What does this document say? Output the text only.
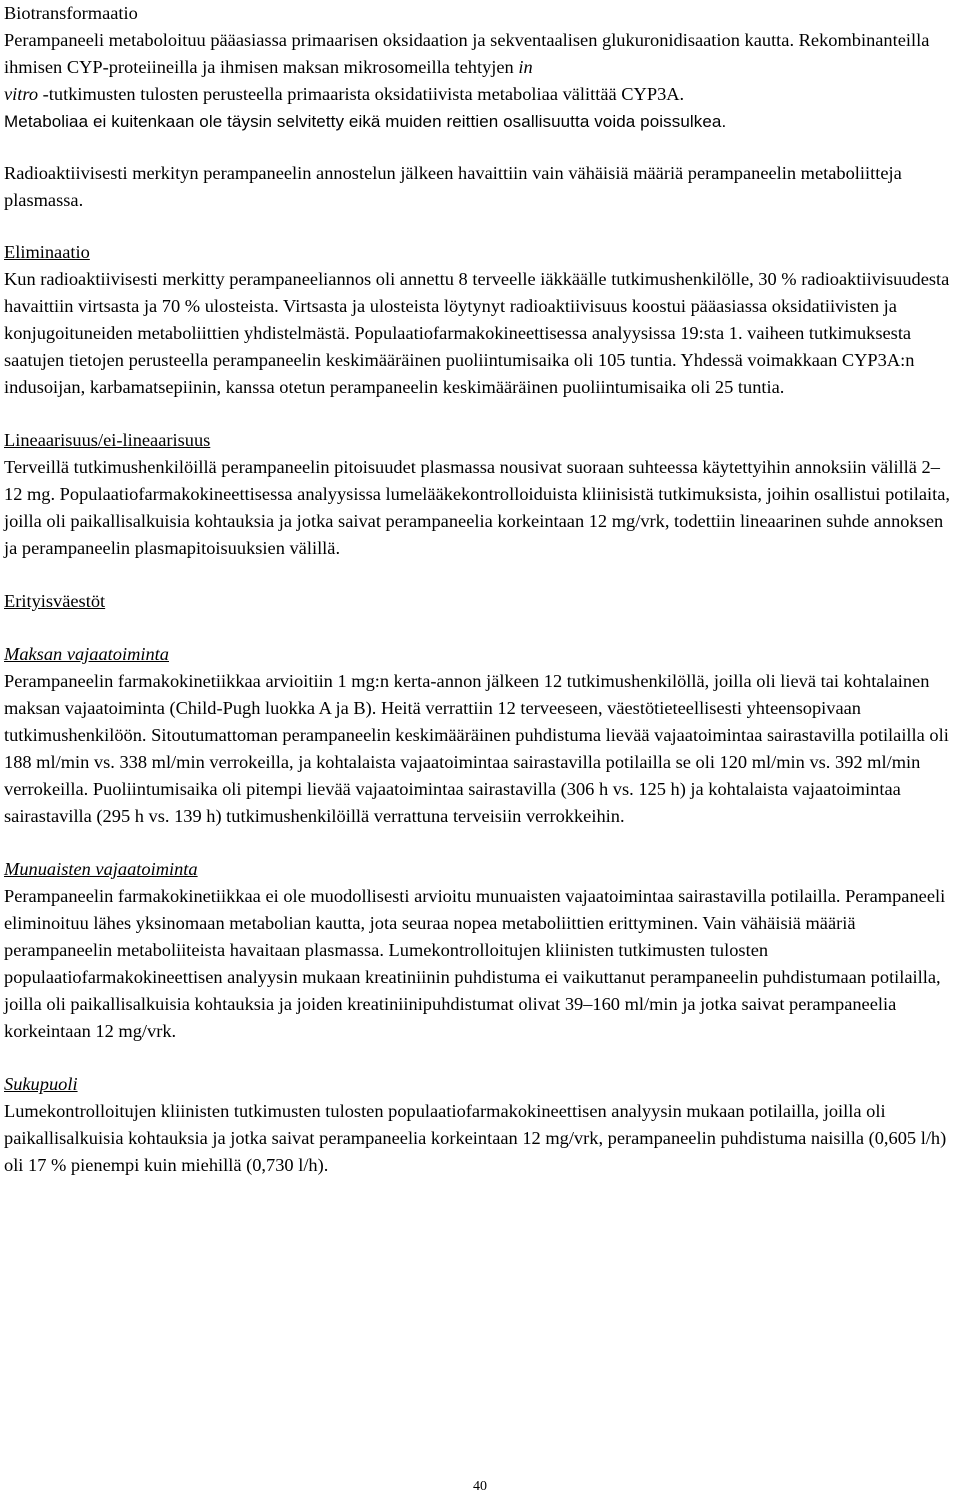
Biotransformaatio

Perampaneeli metaboloituu pääasiassa primaarisen oksidaation ja sekventaalisen glukuronidisaation kautta. Rekombinanteilla ihmisen CYP-proteiineilla ja ihmisen maksan mikrosomeilla tehtyjen in
vitro -tutkimusten tulosten perusteella primaarista oksidatiivista metaboliaa välittää CYP3A.
Metaboliaa ei kuitenkaan ole täysin selvitetty eikä muiden reittien osallisuutta voida poissulkea.

Radioaktiivisesti merkityn perampaneelin annostelun jälkeen havaittiin vain vähäisiä määriä perampaneelin metaboliitteja plasmassa.

Eliminaatio

Kun radioaktiivisesti merkitty perampaneeliannos oli annettu 8 terveelle iäkkäälle tutkimushenkilölle, 30 % radioaktiivisuudesta havaittiin virtsasta ja 70 % ulosteista. Virtsasta ja ulosteista löytynyt radioaktiivisuus koostui pääasiassa oksidatiivisten ja konjugoituneiden metaboliittien yhdistelmästä. Populaatiofarmakokineettisessa analyysissa 19:sta 1. vaiheen tutkimuksesta saatujen tietojen perusteella perampaneelin keskimääräinen puoliintumisaika oli 105 tuntia. Yhdessä voimakkaan CYP3A:n indusoijan, karbamatsepiinin, kanssa otetun perampaneelin keskimääräinen puoliintumisaika oli 25 tuntia.

Lineaarisuus/ei-lineaarisuus

Terveillä tutkimushenkilöillä perampaneelin pitoisuudet plasmassa nousivat suoraan suhteessa käytettyihin annoksiin välillä 2–12 mg. Populaatiofarmakokineettisessa analyysissa lumelääkekontrolloiduista kliinisistä tutkimuksista, joihin osallistui potilaita, joilla oli paikallisalkuisia kohtauksia ja jotka saivat perampaneelia korkeintaan 12 mg/vrk, todettiin lineaarinen suhde annoksen ja perampaneelin plasmapitoisuuksien välillä.

Erityisväestöt
Maksan vajaatoiminta

Perampaneelin farmakokinetiikkaa arvioitiin 1 mg:n kerta-annon jälkeen 12 tutkimushenkilöllä, joilla oli lievä tai kohtalainen maksan vajaatoiminta (Child-Pugh luokka A ja B). Heitä verrattiin 12 terveeseen, väestötieteellisesti yhteensopivaan tutkimushenkilöön. Sitoutumattoman perampaneelin keskimääräinen puhdistuma lievää vajaatoimintaa sairastavilla potilailla oli 188 ml/min vs. 338 ml/min verrokeilla, ja kohtalaista vajaatoimintaa sairastavilla potilailla se oli 120 ml/min vs. 392 ml/min verrokeilla. Puoliintumisaika oli pitempi lievää vajaatoimintaa sairastavilla (306 h vs. 125 h) ja kohtalaista vajaatoimintaa sairastavilla (295 h vs. 139 h) tutkimushenkilöillä verrattuna terveisiin verrokkeihin.

Munuaisten vajaatoiminta

Perampaneelin farmakokinetiikkaa ei ole muodollisesti arvioitu munuaisten vajaatoimintaa sairastavilla potilailla. Perampaneeli eliminoituu lähes yksinomaan metabolian kautta, jota seuraa nopea metaboliittien erittyminen. Vain vähäisiä määriä perampaneelin metaboliiteista havaitaan plasmassa. Lumekontrolloitujen kliinisten tutkimusten tulosten populaatiofarmakokineettisen analyysin mukaan kreatiniinin puhdistuma ei vaikuttanut perampaneelin puhdistumaan potilailla, joilla oli paikallisalkuisia kohtauksia ja joiden kreatiniinipuhdistumat olivat 39–160 ml/min ja jotka saivat perampaneelia korkeintaan 12 mg/vrk.

Sukupuoli

Lumekontrolloitujen kliinisten tutkimusten tulosten populaatiofarmakokineettisen analyysin mukaan potilailla, joilla oli paikallisalkuisia kohtauksia ja jotka saivat perampaneelia korkeintaan 12 mg/vrk, perampaneelin puhdistuma naisilla (0,605 l/h) oli 17 % pienempi kuin miehillä (0,730 l/h).

40
